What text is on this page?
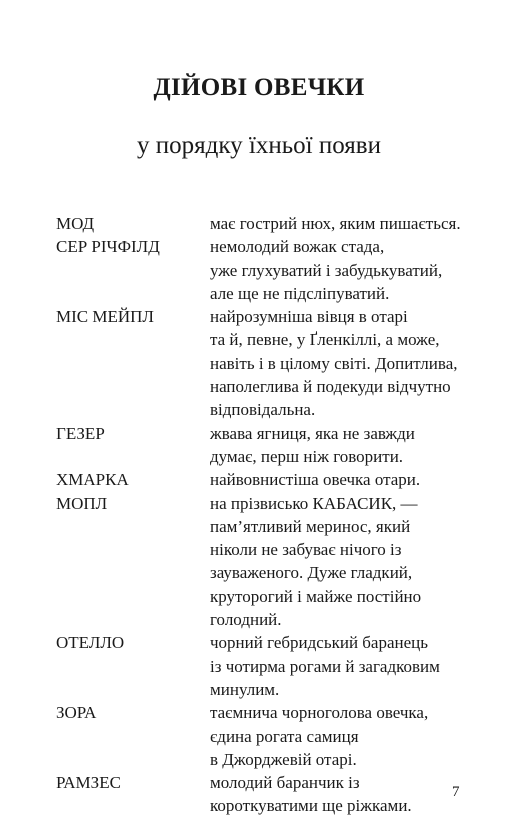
ДІЙОВІ ОВЕЧКИ
у порядку їхньої появи
МОД	має гострий нюх, яким пишається.
СЕР РІЧФІЛД	немолодий вожак стада,
уже глухуватий і забудькуватий,
але ще не підсліпуватий.
МІС МЕЙПЛ	найрозумніша вівця в отарі
та й, певне, у Ґленкіллі, а може,
навіть і в цілому світі. Допитлива,
наполеглива й подекуди відчутно
відповідальна.
ГЕЗЕР	жвава ягниця, яка не завжди
думає, перш ніж говорити.
ХМАРКА	найвовнистіша овечка отари.
МОПЛ	на прізвисько КАБАСИК, —
пам’ятливий меринос, який
ніколи не забуває нічого із
зауваженого. Дуже гладкий,
круторогий і майже постійно
голодний.
ОТЕЛЛО	чорний гебридський баранець
із чотирма рогами й загадковим
минулим.
ЗОРА	таємнича чорноголова овечка,
єдина рогата самиця
в Джорджевій отарі.
РАМЗЕС	молодий баранчик із
короткуватими ще ріжками.

7
